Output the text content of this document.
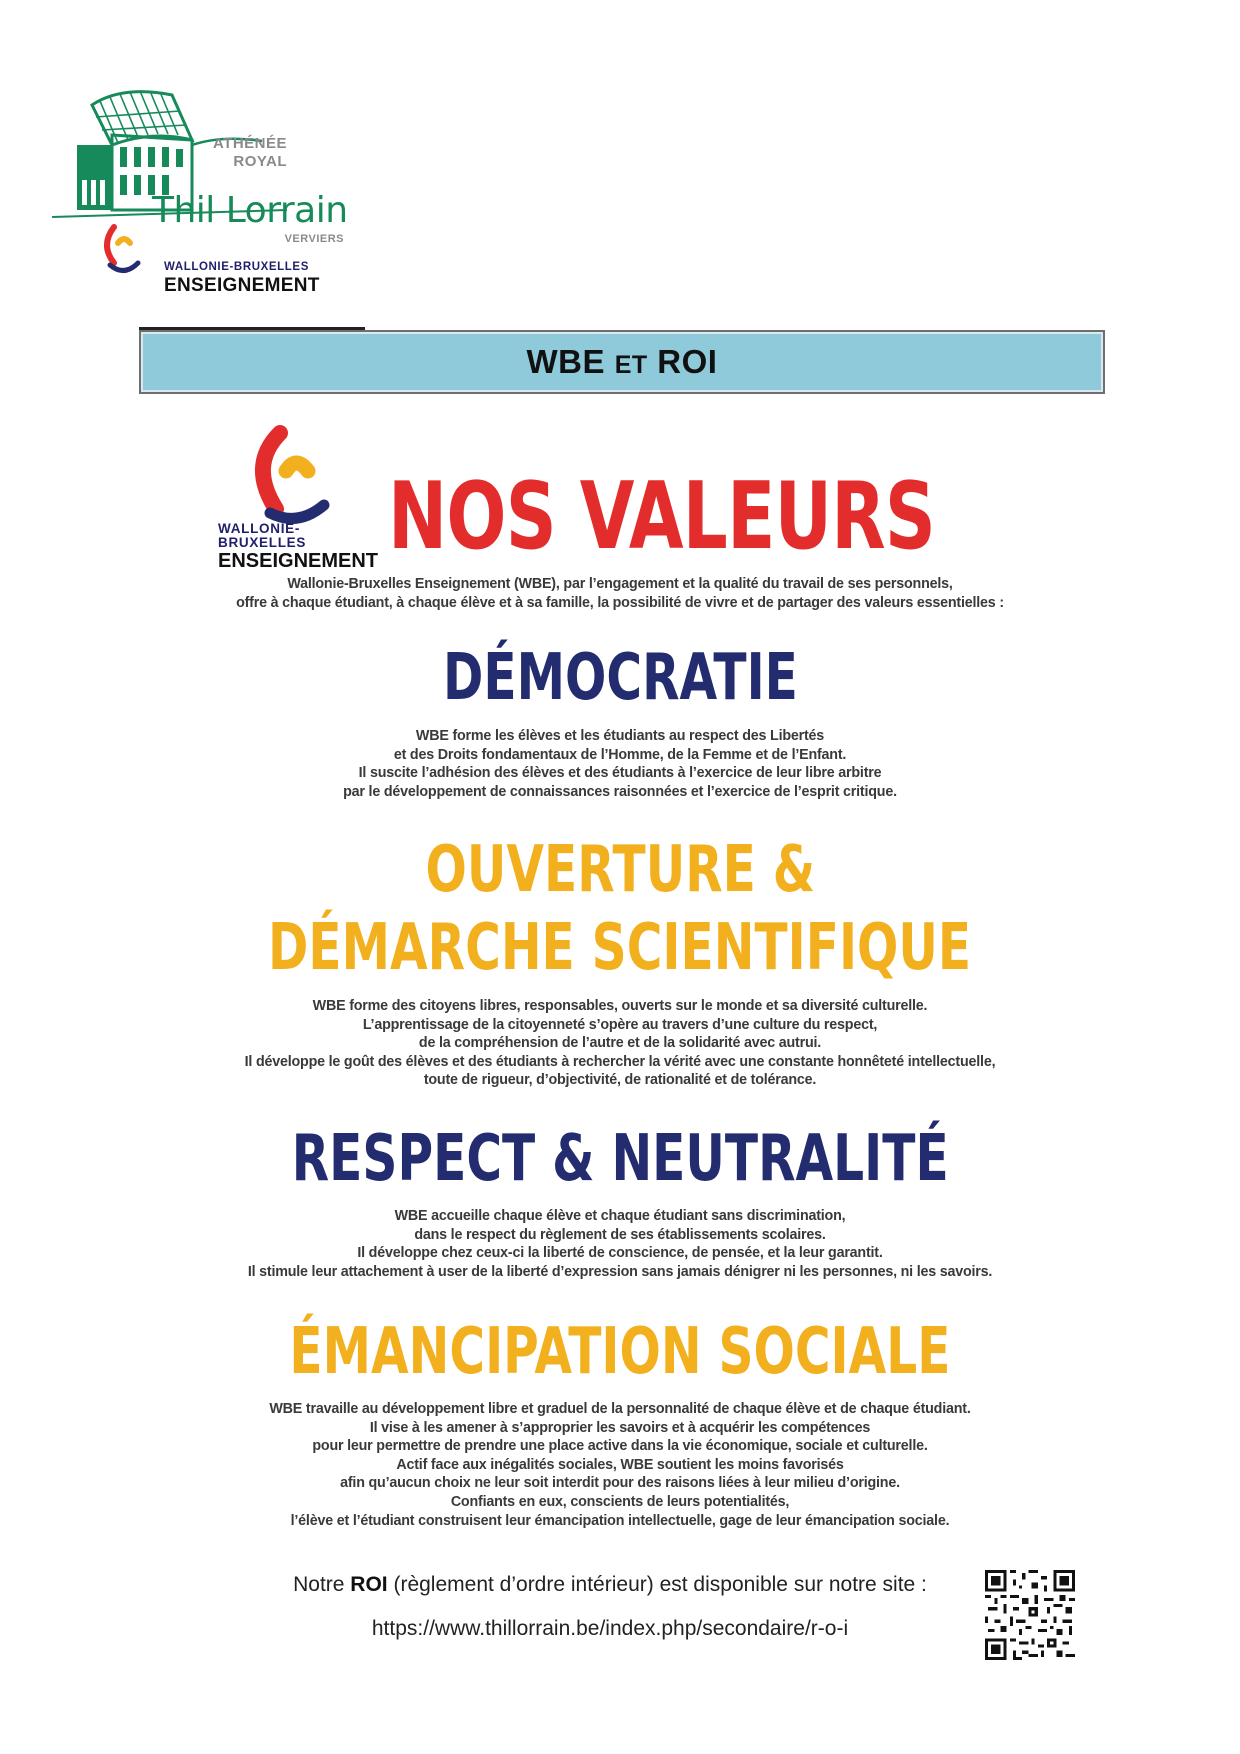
ATHÉNÉE
ROYAL
Thil Lorrain
VERVIERS
WALLONIE-BRUXELLES
ENSEIGNEMENT
WBE ET ROI
WALLONIE-BRUXELLES
ENSEIGNEMENT NOS VALEURS
Wallonie-Bruxelles Enseignement (WBE), par l’engagement et la qualité du travail de ses personnels,
offre à chaque étudiant, à chaque élève et à sa famille, la possibilité de vivre et de partager des valeurs essentielles :
DÉMOCRATIE
WBE forme les élèves et les étudiants au respect des Libertés
et des Droits fondamentaux de l’Homme, de la Femme et de l’Enfant.
Il suscite l’adhésion des élèves et des étudiants à l’exercice de leur libre arbitre
par le développement de connaissances raisonnées et l’exercice de l’esprit critique.
OUVERTURE &
DÉMARCHE SCIENTIFIQUE
WBE forme des citoyens libres, responsables, ouverts sur le monde et sa diversité culturelle.
L’apprentissage de la citoyenneté s’opère au travers d’une culture du respect,
de la compréhension de l’autre et de la solidarité avec autrui.
Il développe le goût des élèves et des étudiants à rechercher la vérité avec une constante honnêteté intellectuelle,
toute de rigueur, d’objectivité, de rationalité et de tolérance.
RESPECT & NEUTRALITÉ
WBE accueille chaque élève et chaque étudiant sans discrimination,
dans le respect du règlement de ses établissements scolaires.
Il développe chez ceux-ci la liberté de conscience, de pensée, et la leur garantit.
Il stimule leur attachement à user de la liberté d’expression sans jamais dénigrer ni les personnes, ni les savoirs.
ÉMANCIPATION SOCIALE
WBE travaille au développement libre et graduel de la personnalité de chaque élève et de chaque étudiant.
Il vise à les amener à s’approprier les savoirs et à acquérir les compétences
pour leur permettre de prendre une place active dans la vie économique, sociale et culturelle.
Actif face aux inégalités sociales, WBE soutient les moins favorisés
afin qu’aucun choix ne leur soit interdit pour des raisons liées à leur milieu d’origine.
Confiants en eux, conscients de leurs potentialités,
l’élève et l’étudiant construisent leur émancipation intellectuelle, gage de leur émancipation sociale.
Notre ROI (règlement d’ordre intérieur) est disponible sur notre site :
https://www.thillorrain.be/index.php/secondaire/r-o-i
